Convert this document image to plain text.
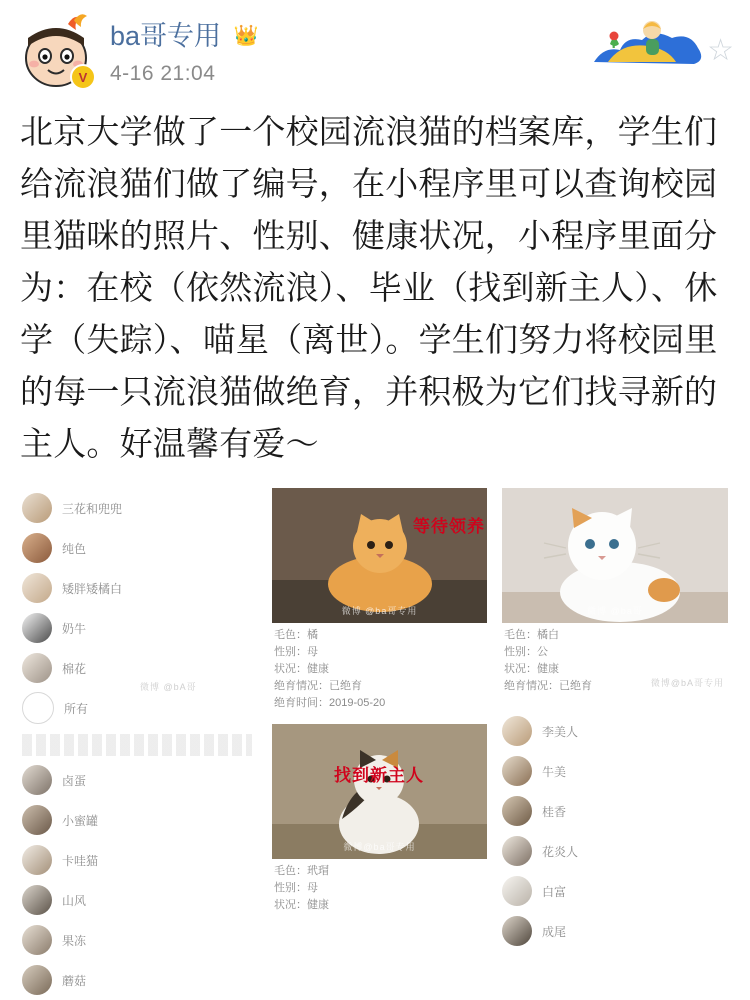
V
ba哥专用 👑
4-16 21:04
☆
北京大学做了一个校园流浪猫的档案库，学生们给流浪猫们做了编号，在小程序里可以查询校园里猫咪的照片、性别、健康状况，小程序里面分为：在校（依然流浪）、毕业（找到新主人）、休学（失踪）、喵星（离世）。学生们努力将校园里的每一只流浪猫做绝育，并积极为它们找寻新的主人。好温馨有爱～
三花和兜兜
纯色
矮胖矮橘白
奶牛
棉花
所有
卤蛋
小蜜罐
卡哇猫
山风
果冻
蘑菇
微博 @ba哥专用
毛色：橘
性别：母
状况：健康
绝育情况：已绝育
绝育时间：2019-05-20
等待领养
微博@ba哥专用
毛色：玳瑁
性别：母
状况：健康
找到新主人
微博 @ba哥
毛色：橘白
性别：公
状况：健康
绝育情况：已绝育
李美人
牛美
桂香
花炎人
白富
成尾
微博@bA哥专用
微博 @bA哥
